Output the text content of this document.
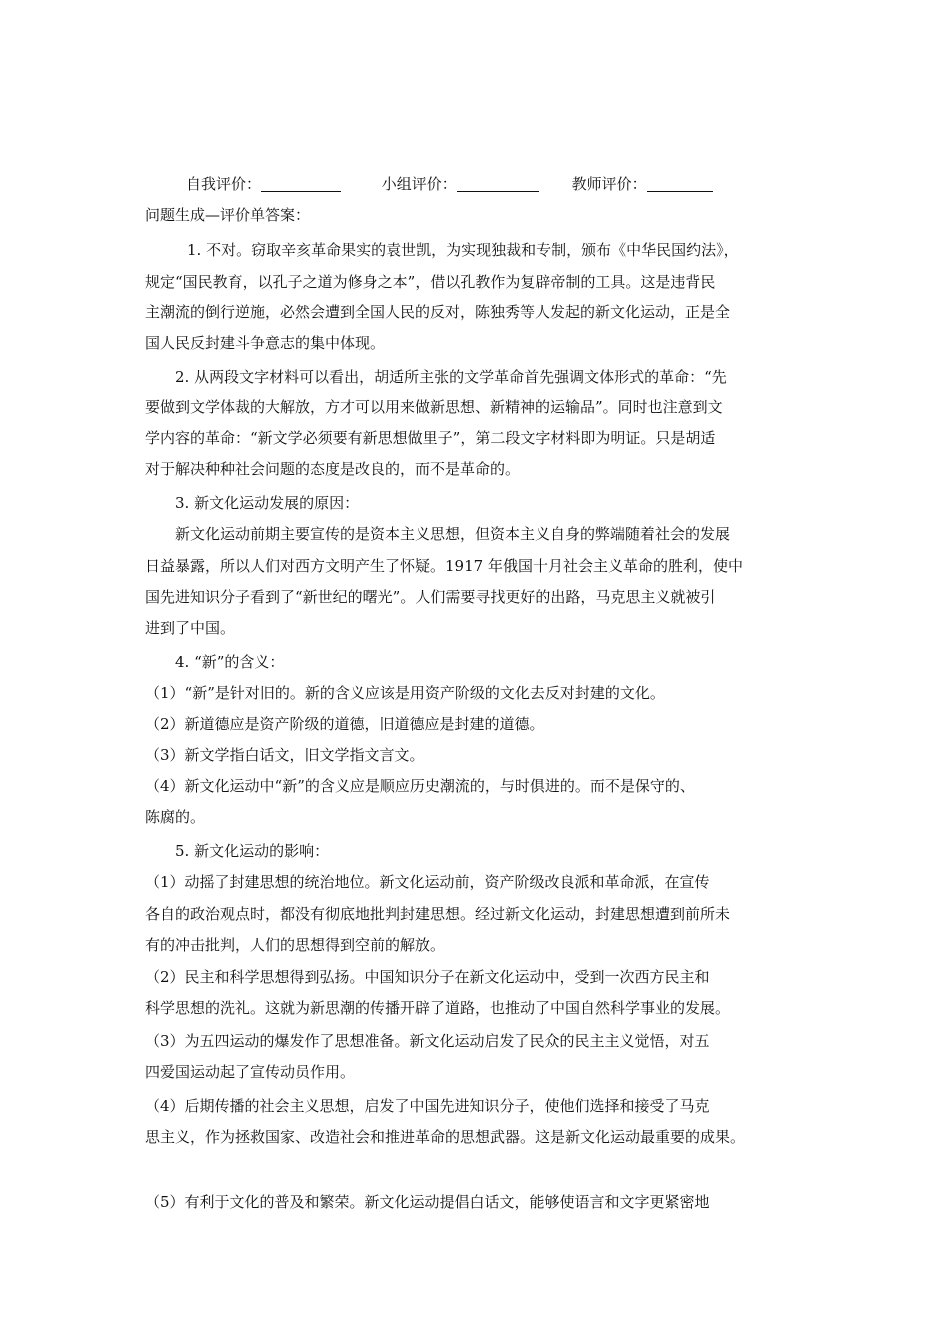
自我评价：	小组评价：	教师评价：
问题生成—评价单答案：
1. 不对。窃取辛亥革命果实的袁世凯，为实现独裁和专制，颁布《中华民国约法》，
规定“国民教育，以孔子之道为修身之本”，借以孔教作为复辟帝制的工具。这是违背民
主潮流的倒行逆施，必然会遭到全国人民的反对，陈独秀等人发起的新文化运动，正是全
国人民反封建斗争意志的集中体现。
2. 从两段文字材料可以看出，胡适所主张的文学革命首先强调文体形式的革命：“先
要做到文学体裁的大解放，方才可以用来做新思想、新精神的运输品”。同时也注意到文
学内容的革命：“新文学必须要有新思想做里子”，第二段文字材料即为明证。只是胡适
对于解决种种社会问题的态度是改良的，而不是革命的。
3. 新文化运动发展的原因：
新文化运动前期主要宣传的是资本主义思想，但资本主义自身的弊端随着社会的发展
日益暴露，所以人们对西方文明产生了怀疑。1917 年俄国十月社会主义革命的胜利，使中
国先进知识分子看到了“新世纪的曙光”。人们需要寻找更好的出路，马克思主义就被引
进到了中国。
4. “新”的含义：
（1）“新”是针对旧的。新的含义应该是用资产阶级的文化去反对封建的文化。
（2）新道德应是资产阶级的道德，旧道德应是封建的道德。
（3）新文学指白话文，旧文学指文言文。
（4）新文化运动中“新”的含义应是顺应历史潮流的，与时俱进的。而不是保守的、
陈腐的。
5. 新文化运动的影响：
（1）动摇了封建思想的统治地位。新文化运动前，资产阶级改良派和革命派，在宣传
各自的政治观点时，都没有彻底地批判封建思想。经过新文化运动，封建思想遭到前所未
有的冲击批判，人们的思想得到空前的解放。
（2）民主和科学思想得到弘扬。中国知识分子在新文化运动中，受到一次西方民主和
科学思想的洗礼。这就为新思潮的传播开辟了道路，也推动了中国自然科学事业的发展。
（3）为五四运动的爆发作了思想准备。新文化运动启发了民众的民主主义觉悟，对五
四爱国运动起了宣传动员作用。
（4）后期传播的社会主义思想，启发了中国先进知识分子，使他们选择和接受了马克
思主义，作为拯救国家、改造社会和推进革命的思想武器。这是新文化运动最重要的成果。
（5）有利于文化的普及和繁荣。新文化运动提倡白话文，能够使语言和文字更紧密地
